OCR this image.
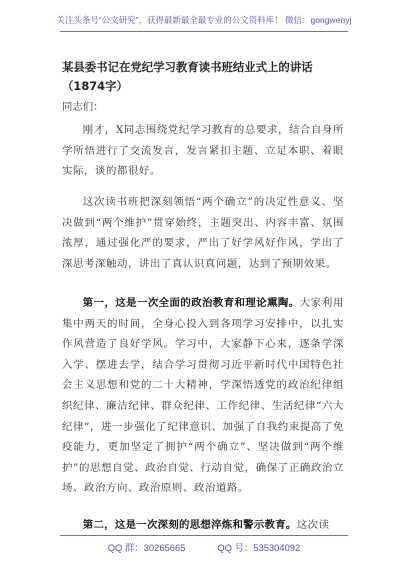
关注头条号“公文研究”，获得最新最全最专业的公文资料库！ 微信：gongwenyj
某县委书记在党纪学习教育读书班结业式上的讲话（1874字）
同志们：
刚才，X同志围绕党纪学习教育的总要求，结合自身所学所悟进行了交流发言，发言紧扣主题、立足本职、着眼实际，谈的都很好。
这次读书班把深刻领悟“两个确立”的决定性意义、坚决做到“两个维护”贯穿始终，主题突出、内容丰富、氛围浓厚，通过强化严的要求，严出了好学风好作风，学出了深思考深触动，讲出了真认识真问题，达到了预期效果。
第一，这是一次全面的政治教育和理论熏陶。大家利用集中两天的时间，全身心投入到各项学习安排中，以扎实作风营造了良好学风。学习中，大家静下心来，逐条学深入学、摆进去学，结合学习贯彻习近平新时代中国特色社会主义思想和党的二十大精神，学深悟透党的政治纪律组织纪律、廉洁纪律、群众纪律、工作纪律、生活纪律“六大纪律”，进一步强化了纪律意识、加强了自我约束提高了免疫能力，更加坚定了拥护“两个确立”、坚决做到“两个维护”的思想自觉、政治自觉、行动自觉，确保了正确政治立场、政治方向、政治原则、政治道路。
第二，这是一次深刻的思想淬炼和警示教育。这次读
QQ 群：30265665	QQ 号：535304092
